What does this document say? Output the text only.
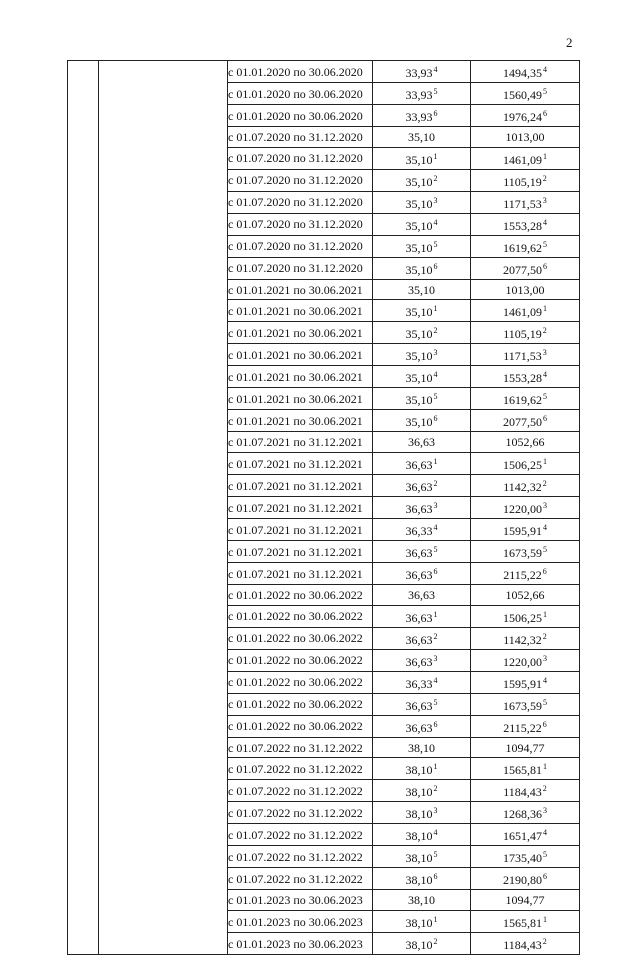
2
		с 01.01.2020 по 30.06.2020	33,93$^4$	1494,35$^4$
		с 01.01.2020 по 30.06.2020	33,93$^5$	1560,49$^5$
		с 01.01.2020 по 30.06.2020	33,93$^6$	1976,24$^6$
		с 01.07.2020 по 31.12.2020	35,10	1013,00
		с 01.07.2020 по 31.12.2020	35,10$^1$	1461,09$^1$
		с 01.07.2020 по 31.12.2020	35,10$^2$	1105,19$^2$
		с 01.07.2020 по 31.12.2020	35,10$^3$	1171,53$^3$
		с 01.07.2020 по 31.12.2020	35,10$^4$	1553,28$^4$
		с 01.07.2020 по 31.12.2020	35,10$^5$	1619,62$^5$
		с 01.07.2020 по 31.12.2020	35,10$^6$	2077,50$^6$
		с 01.01.2021 по 30.06.2021	35,10	1013,00
		с 01.01.2021 по 30.06.2021	35,10$^1$	1461,09$^1$
		с 01.01.2021 по 30.06.2021	35,10$^2$	1105,19$^2$
		с 01.01.2021 по 30.06.2021	35,10$^3$	1171,53$^3$
		с 01.01.2021 по 30.06.2021	35,10$^4$	1553,28$^4$
		с 01.01.2021 по 30.06.2021	35,10$^5$	1619,62$^5$
		с 01.01.2021 по 30.06.2021	35,10$^6$	2077,50$^6$
		с 01.07.2021 по 31.12.2021	36,63	1052,66
		с 01.07.2021 по 31.12.2021	36,63$^1$	1506,25$^1$
		с 01.07.2021 по 31.12.2021	36,63$^2$	1142,32$^2$
		с 01.07.2021 по 31.12.2021	36,63$^3$	1220,00$^3$
		с 01.07.2021 по 31.12.2021	36,33$^4$	1595,91$^4$
		с 01.07.2021 по 31.12.2021	36,63$^5$	1673,59$^5$
		с 01.07.2021 по 31.12.2021	36,63$^6$	2115,22$^6$
		с 01.01.2022 по 30.06.2022	36,63	1052,66
		с 01.01.2022 по 30.06.2022	36,63$^1$	1506,25$^1$
		с 01.01.2022 по 30.06.2022	36,63$^2$	1142,32$^2$
		с 01.01.2022 по 30.06.2022	36,63$^3$	1220,00$^3$
		с 01.01.2022 по 30.06.2022	36,33$^4$	1595,91$^4$
		с 01.01.2022 по 30.06.2022	36,63$^5$	1673,59$^5$
		с 01.01.2022 по 30.06.2022	36,63$^6$	2115,22$^6$
		с 01.07.2022 по 31.12.2022	38,10	1094,77
		с 01.07.2022 по 31.12.2022	38,10$^1$	1565,81$^1$
		с 01.07.2022 по 31.12.2022	38,10$^2$	1184,43$^2$
		с 01.07.2022 по 31.12.2022	38,10$^3$	1268,36$^3$
		с 01.07.2022 по 31.12.2022	38,10$^4$	1651,47$^4$
		с 01.07.2022 по 31.12.2022	38,10$^5$	1735,40$^5$
		с 01.07.2022 по 31.12.2022	38,10$^6$	2190,80$^6$
		с 01.01.2023 по 30.06.2023	38,10	1094,77
		с 01.01.2023 по 30.06.2023	38,10$^1$	1565,81$^1$
		с 01.01.2023 по 30.06.2023	38,10$^2$	1184,43$^2$
